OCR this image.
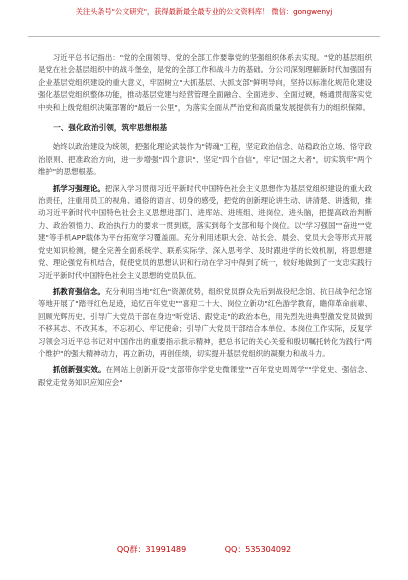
关注头条号"公文研究"，获得最新最全最专业的公文资料库！ 微信：gongwenyj

习近平总书记指出："党的全面领导、党的全部工作要靠党的坚强组织体系去实现。"党的基层组织是党在社会基层组织中的战斗堡垒，是党的全部工作和战斗力的基础。分公司深刻理解新时代加强国有企业基层党组织建设的重大意义，牢固树立"大抓基层、大抓支部"鲜明导向，坚持以标准化规范化建设强化基层党组织整体功能，推动基层党建与经营管理全面融合、全面进步、全面过硬，畅通贯彻落实党中央和上级党组织决策部署的"最后一公里"，为落实全面从严治党和高质量发展提供有力的组织保障。

一、强化政治引领，筑牢思想根基

始终以政治建设为统领，把强化理论武装作为"铸魂"工程，坚定政治信念、站稳政治立场、恪守政治原则、把准政治方向，进一步增强"四个意识"、坚定"四个自信"，牢记"国之大者"，切实筑牢"两个维护"的思想根基。

抓学习强理论。把深入学习贯彻习近平新时代中国特色社会主义思想作为基层党组织建设的重大政治责任，注重用员工的视角、通俗的语言、切身的感受，把党的创新理论讲生动、讲清楚、讲透彻，推动习近平新时代中国特色社会主义思想进部门、进库站、进班组、进岗位、进头脑，把提高政治判断力、政治领悟力、政治执行力的要求一贯到底，落实到每个支部和每个岗位。以"学习强国""奋进""党建"等手机APP载体为平台拓宽学习覆盖面。充分利用述职大会、站长会、晨会、党员大会等形式开展党史知识检测，健全完善全面系统学、联系实际学、深入思考学、及时跟进学的长效机制，将思想建党、理论强党有机结合，促使党员的思想认识和行动在学习中得到了统一，较好地做到了一支忠实践行习近平新时代中国特色社会主义思想的党员队伍。

抓教育强信念。充分利用当地"红色"资源优势，组织党员群众先后到战役纪念馆、抗日战争纪念馆等地开展了"踏寻红色足迹，追忆百年党史""喜迎二十大、岗位立新功"红色游学教育，瞻仰革命前辈、回顾光辉历史。引导广大党员干部在身边"听党话、跟党走"的政治本色，用先烈先进典型激发党员做到不移其志、不改其本，不忘初心、牢记使命；引导广大党员干部结合本单位、本岗位工作实际，反复学习领会习近平总书记对中国作出的重要指示批示精神，把总书记的关心关爱和殷切嘱托转化为践行"两个维护"的强大精神动力，再立新功，再创佳绩，切实提升基层党组织的凝聚力和战斗力。

抓创新强实效。在网站上创新开设"支部带你学党史微课堂""百年党史周周学""学党史、强信念、跟党走党务知识应知应会"

QQ群：31991489	QQ：535304092
